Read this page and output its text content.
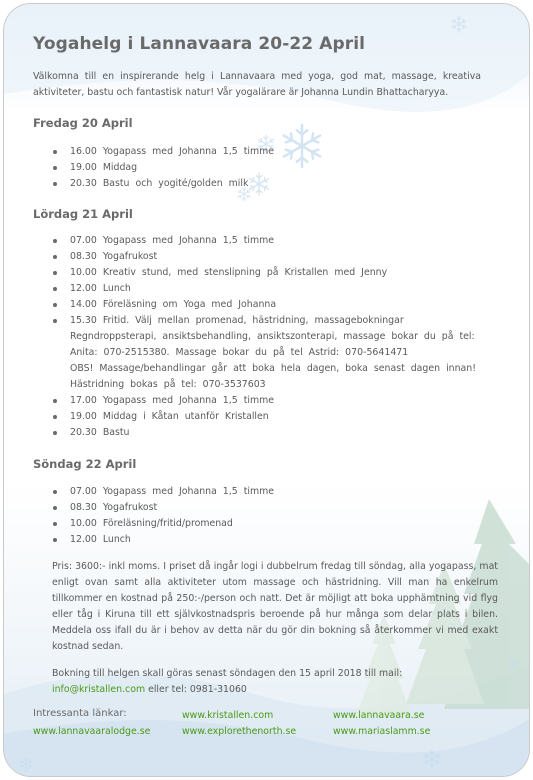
Yogahelg i Lannavaara 20-22 April

Välkomna till en inspirerande helg i Lannavaara med yoga, god mat, massage, kreativa aktiviteter, bastu och fantastisk natur! Vår yogalärare är Johanna Lundin Bhattacharyya.

Fredag 20 April
16.00 Yogapass med Johanna 1,5 timme
19.00 Middag
20.30 Bastu och yogité/golden milk
Lördag 21 April
07.00 Yogapass med Johanna 1,5 timme
08.30 Yogafrukost
10.00 Kreativ stund, med stenslipning på Kristallen med Jenny
12.00 Lunch
14.00 Föreläsning om Yoga med Johanna
15.30 Fritid. Välj mellan promenad, hästridning, massagebokningar
Regndroppsterapi, ansiktsbehandling, ansiktszonterapi, massage bokar du på tel:
Anita: 070-2515380. Massage bokar du på tel Astrid: 070-5641471
OBS! Massage/behandlingar går att boka hela dagen, boka senast dagen innan!
Hästridning bokas på tel: 070-3537603
17.00 Yogapass med Johanna 1,5 timme
19.00 Middag i Kåtan utanför Kristallen
20.30 Bastu
Söndag 22 April
07.00 Yogapass med Johanna 1,5 timme
08.30 Yogafrukost
10.00 Föreläsning/fritid/promenad
12.00 Lunch

Pris: 3600:- inkl moms. I priset då ingår logi i dubbelrum fredag till söndag, alla yogapass, mat enligt ovan samt alla aktiviteter utom massage och hästridning. Vill man ha enkelrum tillkommer en kostnad på 250:-/person och natt. Det är möjligt att boka upphämtning vid flyg eller tåg i Kiruna till ett självkostnadspris beroende på hur många som delar plats i bilen. Meddela oss ifall du är i behov av detta när du gör din bokning så återkommer vi med exakt kostnad sedan.

Bokning till helgen skall göras senast söndagen den 15 april 2018 till mail:
info@kristallen.com eller tel: 0981-31060

Intressanta länkar:	www.kristallen.com	www.lannavaara.se
www.lannavaaralodge.se	www.explorethenorth.se	www.mariaslamm.se
